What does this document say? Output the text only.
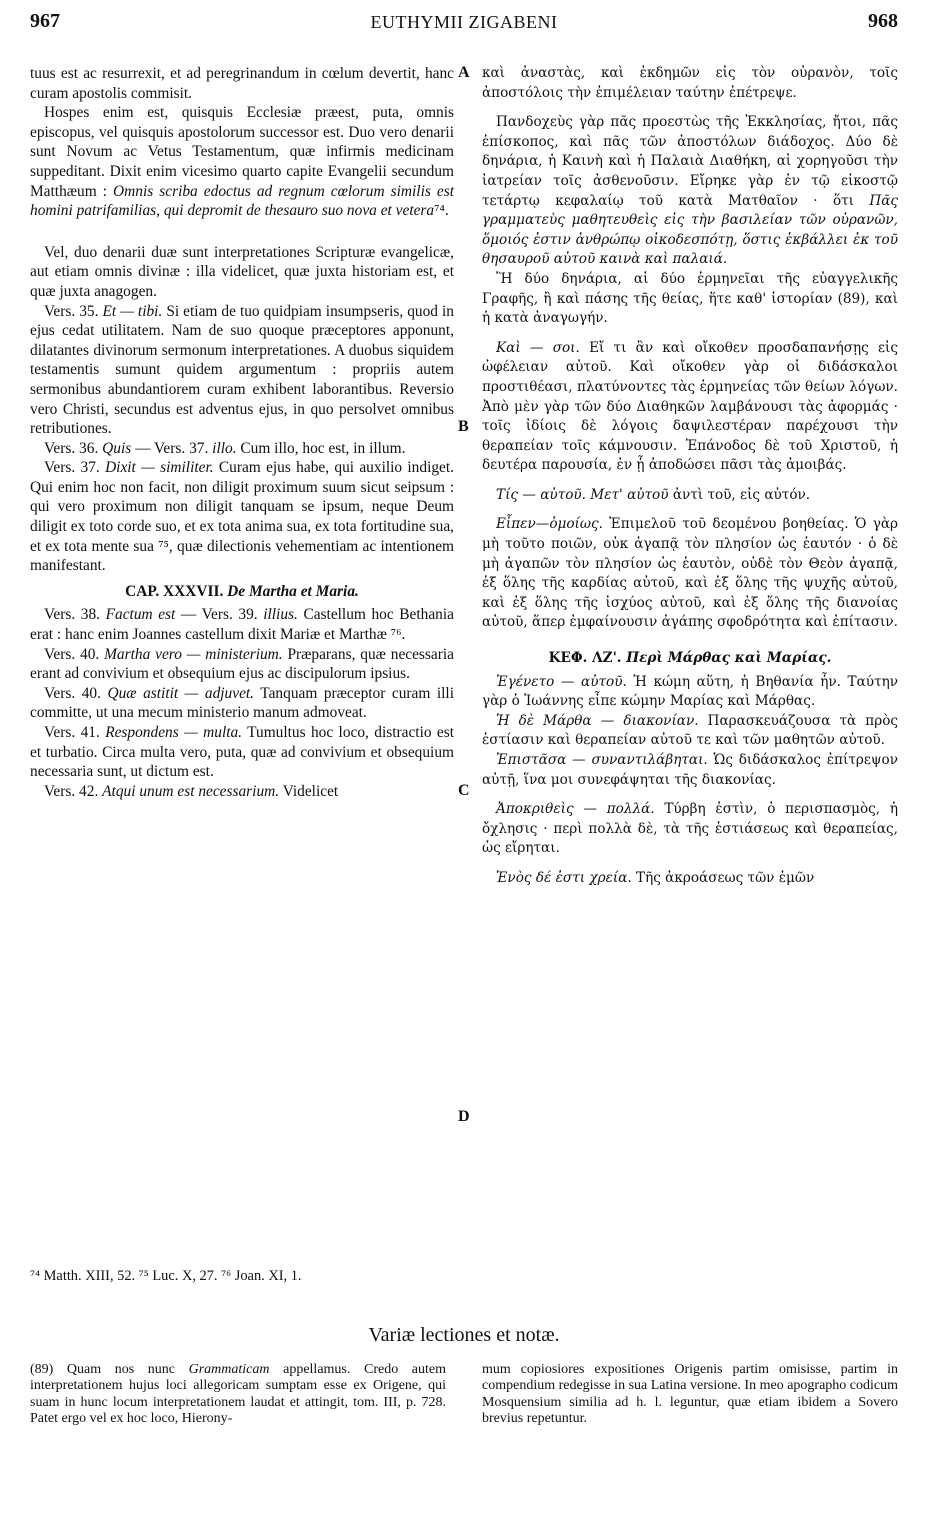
967	EUTHYMII ZIGABENI	968
A
B
C
D

tuus est ac resurrexit, et ad peregrinandum in cœlum devertit, hanc curam apostolis commisit.

Hospes enim est, quisquis Ecclesiæ præest, puta, omnis episcopus, vel quisquis apostolorum successor est. Duo vero denarii sunt Novum ac Vetus Testamentum, quæ infirmis medicinam suppeditant. Dixit enim vicesimo quarto capite Evangelii secundum Matthæum : Omnis scriba edoctus ad regnum cœlorum similis est homini patrifamilias, qui depromit de thesauro suo nova et vetera⁷⁴.

Vel, duo denarii duæ sunt interpretationes Scripturæ evangelicæ, aut etiam omnis divinæ : illa videlicet, quæ juxta historiam est, et quæ juxta anagogen.

Vers. 35. Et — tibi. Si etiam de tuo quidpiam insumpseris, quod in ejus cedat utilitatem. Nam de suo quoque præceptores apponunt, dilatantes divinorum sermonum interpretationes. A duobus siquidem testamentis sumunt quidem argumentum : propriis autem sermonibus abundantiorem curam exhibent laborantibus. Reversio vero Christi, secundus est adventus ejus, in quo persolvet omnibus retributiones.

Vers. 36. Quis — Vers. 37. illo. Cum illo, hoc est, in illum.

Vers. 37. Dixit — similiter. Curam ejus habe, qui auxilio indiget. Qui enim hoc non facit, non diligit proximum suum sicut seipsum : qui vero proximum non diligit tanquam se ipsum, neque Deum diligit ex toto corde suo, et ex tota anima sua, ex tota fortitudine sua, et ex tota mente sua ⁷⁵, quæ dilectionis vehementiam ac intentionem manifestant.

CAP. XXXVII. De Martha et Maria.

Vers. 38. Factum est — Vers. 39. illius. Castellum hoc Bethania erat : hanc enim Joannes castellum dixit Mariæ et Marthæ ⁷⁶.

Vers. 40. Martha vero — ministerium. Præparans, quæ necessaria erant ad convivium et obsequium ejus ac discipulorum ipsius.

Vers. 40. Quæ astitit — adjuvet. Tanquam præceptor curam illi committe, ut una mecum ministerio manum admoveat.

Vers. 41. Respondens — multa. Tumultus hoc loco, distractio est et turbatio. Circa multa vero, puta, quæ ad convivium et obsequium necessaria sunt, ut dictum est.

Vers. 42. Atqui unum est necessarium. Videlicet

καὶ ἀναστὰς, καὶ ἐκδημῶν εἰς τὸν οὐρανὸν, τοῖς ἀποστόλοις τὴν ἐπιμέλειαν ταύτην ἐπέτρεψε.

Πανδοχεὺς γὰρ πᾶς προεστὼς τῆς Ἐκκλησίας, ἤτοι, πᾶς ἐπίσκοπος, καὶ πᾶς τῶν ἀποστόλων διάδοχος. Δύο δὲ δηνάρια, ἡ Καινὴ καὶ ἡ Παλαιὰ Διαθήκη, αἱ χορηγοῦσι τὴν ἰατρείαν τοῖς ἀσθενοῦσιν. Εἴρηκε γὰρ ἐν τῷ εἰκοστῷ τετάρτῳ κεφαλαίῳ τοῦ κατὰ Ματθαῖον · ὅτι Πᾶς γραμματεὺς μαθητευθεὶς εἰς τὴν βασιλείαν τῶν οὐρανῶν, ὅμοιός ἐστιν ἀνθρώπῳ οἰκοδεσπότῃ, ὅστις ἐκβάλλει ἐκ τοῦ θησαυροῦ αὐτοῦ καινὰ καὶ παλαιά.

Ἢ δύο δηνάρια, αἱ δύο ἑρμηνεῖαι τῆς εὐαγγελικῆς Γραφῆς, ἢ καὶ πάσης τῆς θείας, ἥτε καθ' ἱστορίαν (89), καὶ ἡ κατὰ ἀναγωγήν.

Καὶ — σοι. Εἴ τι ἂν καὶ οἴκοθεν προσδαπανήσῃς εἰς ὠφέλειαν αὐτοῦ. Καὶ οἴκοθεν γὰρ οἱ διδάσκαλοι προστιθέασι, πλατύνοντες τὰς ἑρμηνείας τῶν θείων λόγων. Ἀπὸ μὲν γὰρ τῶν δύο Διαθηκῶν λαμβάνουσι τὰς ἀφορμάς · τοῖς ἰδίοις δὲ λόγοις δαψιλεστέραν παρέχουσι τὴν θεραπείαν τοῖς κάμνουσιν. Ἐπάνοδος δὲ τοῦ Χριστοῦ, ἡ δευτέρα παρουσία, ἐν ᾗ ἀποδώσει πᾶσι τὰς ἀμοιβάς.

Τίς — αὐτοῦ. Μετ' αὐτοῦ ἀντὶ τοῦ, εἰς αὐτόν.

Εἶπεν—ὁμοίως. Ἐπιμελοῦ τοῦ δεομένου βοηθείας. Ὁ γὰρ μὴ τοῦτο ποιῶν, οὐκ ἀγαπᾷ τὸν πλησίον ὡς ἑαυτόν · ὁ δὲ μὴ ἀγαπῶν τὸν πλησίον ὡς ἑαυτὸν, οὐδὲ τὸν Θεὸν ἀγαπᾷ, ἐξ ὅλης τῆς καρδίας αὐτοῦ, καὶ ἐξ ὅλης τῆς ψυχῆς αὐτοῦ, καὶ ἐξ ὅλης τῆς ἰσχύος αὐτοῦ, καὶ ἐξ ὅλης τῆς διανοίας αὐτοῦ, ἅπερ ἐμφαίνουσιν ἀγάπης σφοδρότητα καὶ ἐπίτασιν.

ΚΕΦ. ΛΖ'. Περὶ Μάρθας καὶ Μαρίας.

Ἐγένετο — αὐτοῦ. Ἡ κώμη αὕτη, ἡ Βηθανία ἦν. Ταύτην γὰρ ὁ Ἰωάννης εἶπε κώμην Μαρίας καὶ Μάρθας.

Ἡ δὲ Μάρθα — διακονίαν. Παρασκευάζουσα τὰ πρὸς ἑστίασιν καὶ θεραπείαν αὐτοῦ τε καὶ τῶν μαθητῶν αὐτοῦ.

Ἐπιστᾶσα — συναντιλάβηται. Ὡς διδάσκαλος ἐπίτρεψον αὐτῇ, ἵνα μοι συνεφάψηται τῆς διακονίας.

Ἀποκριθεὶς — πολλά. Τύρβη ἐστὶν, ὁ περισπασμὸς, ἡ ὄχλησις · περὶ πολλὰ δὲ, τὰ τῆς ἑστιάσεως καὶ θεραπείας, ὡς εἴρηται.

Ἑνὸς δέ ἐστι χρεία. Τῆς ἀκροάσεως τῶν ἐμῶν

⁷⁴ Matth. XIII, 52. ⁷⁵ Luc. X, 27. ⁷⁶ Joan. XI, 1.
Variæ lectiones et notæ.

(89) Quam nos nunc Grammaticam appellamus. Credo autem interpretationem hujus loci allegoricam sumptam esse ex Origene, qui suam in hunc locum interpretationem laudat et attingit, tom. III, p. 728. Patet ergo vel ex hoc loco, Hierony-

mum copiosiores expositiones Origenis partim omisisse, partim in compendium redegisse in sua Latina versione. In meo apographo codicum Mosquensium similia ad h. l. leguntur, quæ etiam ibidem a Sovero brevius repetuntur.
